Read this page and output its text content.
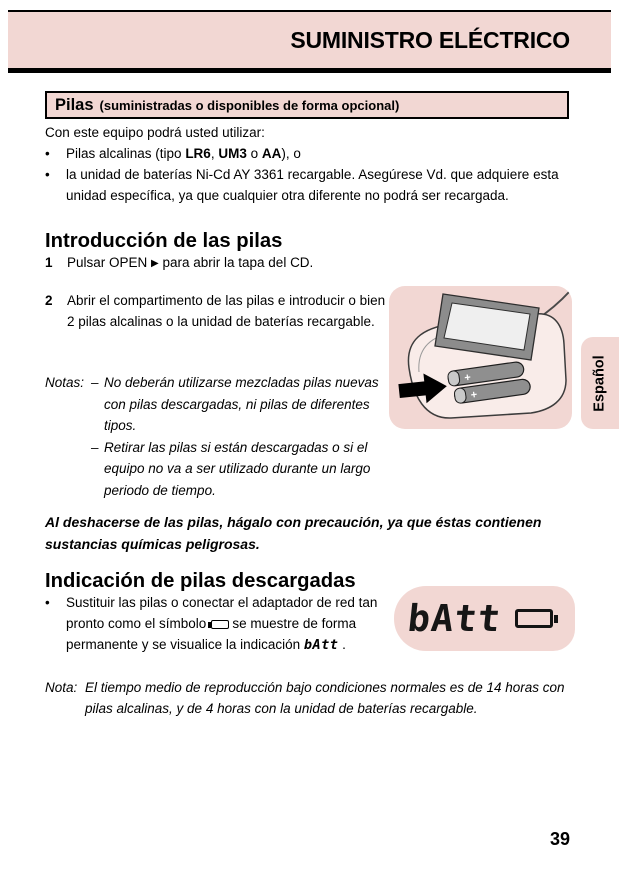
SUMINISTRO ELÉCTRICO
Pilas (suministradas o disponibles de forma opcional)

Con este equipo podrá usted utilizar:

•	Pilas alcalinas (tipo LR6, UM3 o AA), o
•	la unidad de baterías Ni-Cd AY 3361 recargable. Asegúrese Vd. que adquiere esta unidad específica, ya que cualquier otra diferente no podrá ser recargada.
Introducción de las pilas
1	Pulsar OPEN ▶ para abrir la tapa del CD.
2	Abrir el compartimento de las pilas e introducir o bien 2 pilas alcalinas o la unidad de baterías recargable.
+
+
Notas: – No deberán utilizarse mezcladas pilas nuevas con pilas descargadas, ni pilas de diferentes tipos.
– Retirar las pilas si están descargadas o si el equipo no va a ser utilizado durante un largo periodo de tiempo.

Al deshacerse de las pilas, hágalo con precaución, ya que éstas contienen sustancias químicas peligrosas.

Indicación de pilas descargadas
•	Sustituir las pilas o conectar el adaptador de red tan pronto como el símbolo se muestre de forma permanente y se visualice la indicación bAtt .
bAtt
Nota: El tiempo medio de reproducción bajo condiciones normales es de 14 horas con pilas alcalinas, y de 4 horas con la unidad de baterías recargable.
Español
39
